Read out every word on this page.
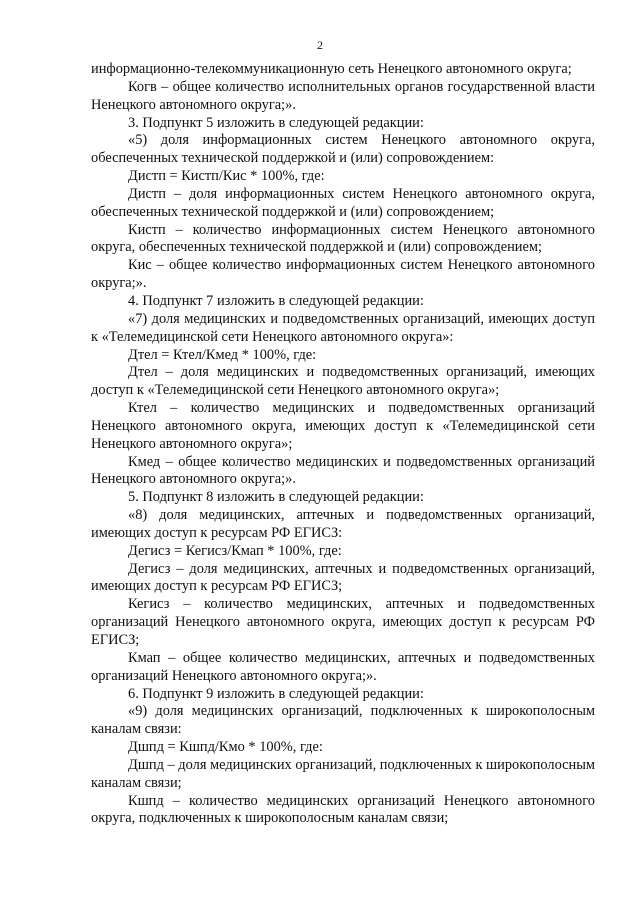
2

информационно-телекоммуникационную сеть Ненецкого автономного округа;

Когв – общее количество исполнительных органов государственной власти Ненецкого автономного округа;».

3. Подпункт 5 изложить в следующей редакции:

«5) доля информационных систем Ненецкого автономного округа, обеспеченных технической поддержкой и (или) сопровождением:

Дистп = Кистп/Кис * 100%, где:

Дистп – доля информационных систем Ненецкого автономного округа, обеспеченных технической поддержкой и (или) сопровождением;

Кистп – количество информационных систем Ненецкого автономного округа, обеспеченных технической поддержкой и (или) сопровождением;

Кис – общее количество информационных систем Ненецкого автономного округа;».

4. Подпункт 7 изложить в следующей редакции:

«7) доля медицинских и подведомственных организаций, имеющих доступ к «Телемедицинской сети Ненецкого автономного округа»:

Дтел = Ктел/Кмед * 100%, где:

Дтел – доля медицинских и подведомственных организаций, имеющих доступ к «Телемедицинской сети Ненецкого автономного округа»;

Ктел – количество медицинских и подведомственных организаций Ненецкого автономного округа, имеющих доступ к «Телемедицинской сети Ненецкого автономного округа»;

Кмед – общее количество медицинских и подведомственных организаций Ненецкого автономного округа;».

5. Подпункт 8 изложить в следующей редакции:

«8) доля медицинских, аптечных и подведомственных организаций, имеющих доступ к ресурсам РФ ЕГИСЗ:

Дегисз = Кегисз/Кмап * 100%, где:

Дегисз – доля медицинских, аптечных и подведомственных организаций, имеющих доступ к ресурсам РФ ЕГИСЗ;

Кегисз – количество медицинских, аптечных и подведомственных организаций Ненецкого автономного округа, имеющих доступ к ресурсам РФ ЕГИСЗ;

Кмап – общее количество медицинских, аптечных и подведомственных организаций Ненецкого автономного округа;».

6. Подпункт 9 изложить в следующей редакции:

«9) доля медицинских организаций, подключенных к широкополосным каналам связи:

Дшпд = Кшпд/Кмо * 100%, где:

Дшпд – доля медицинских организаций, подключенных к широкополосным каналам связи;

Кшпд – количество медицинских организаций Ненецкого автономного округа, подключенных к широкополосным каналам связи;
